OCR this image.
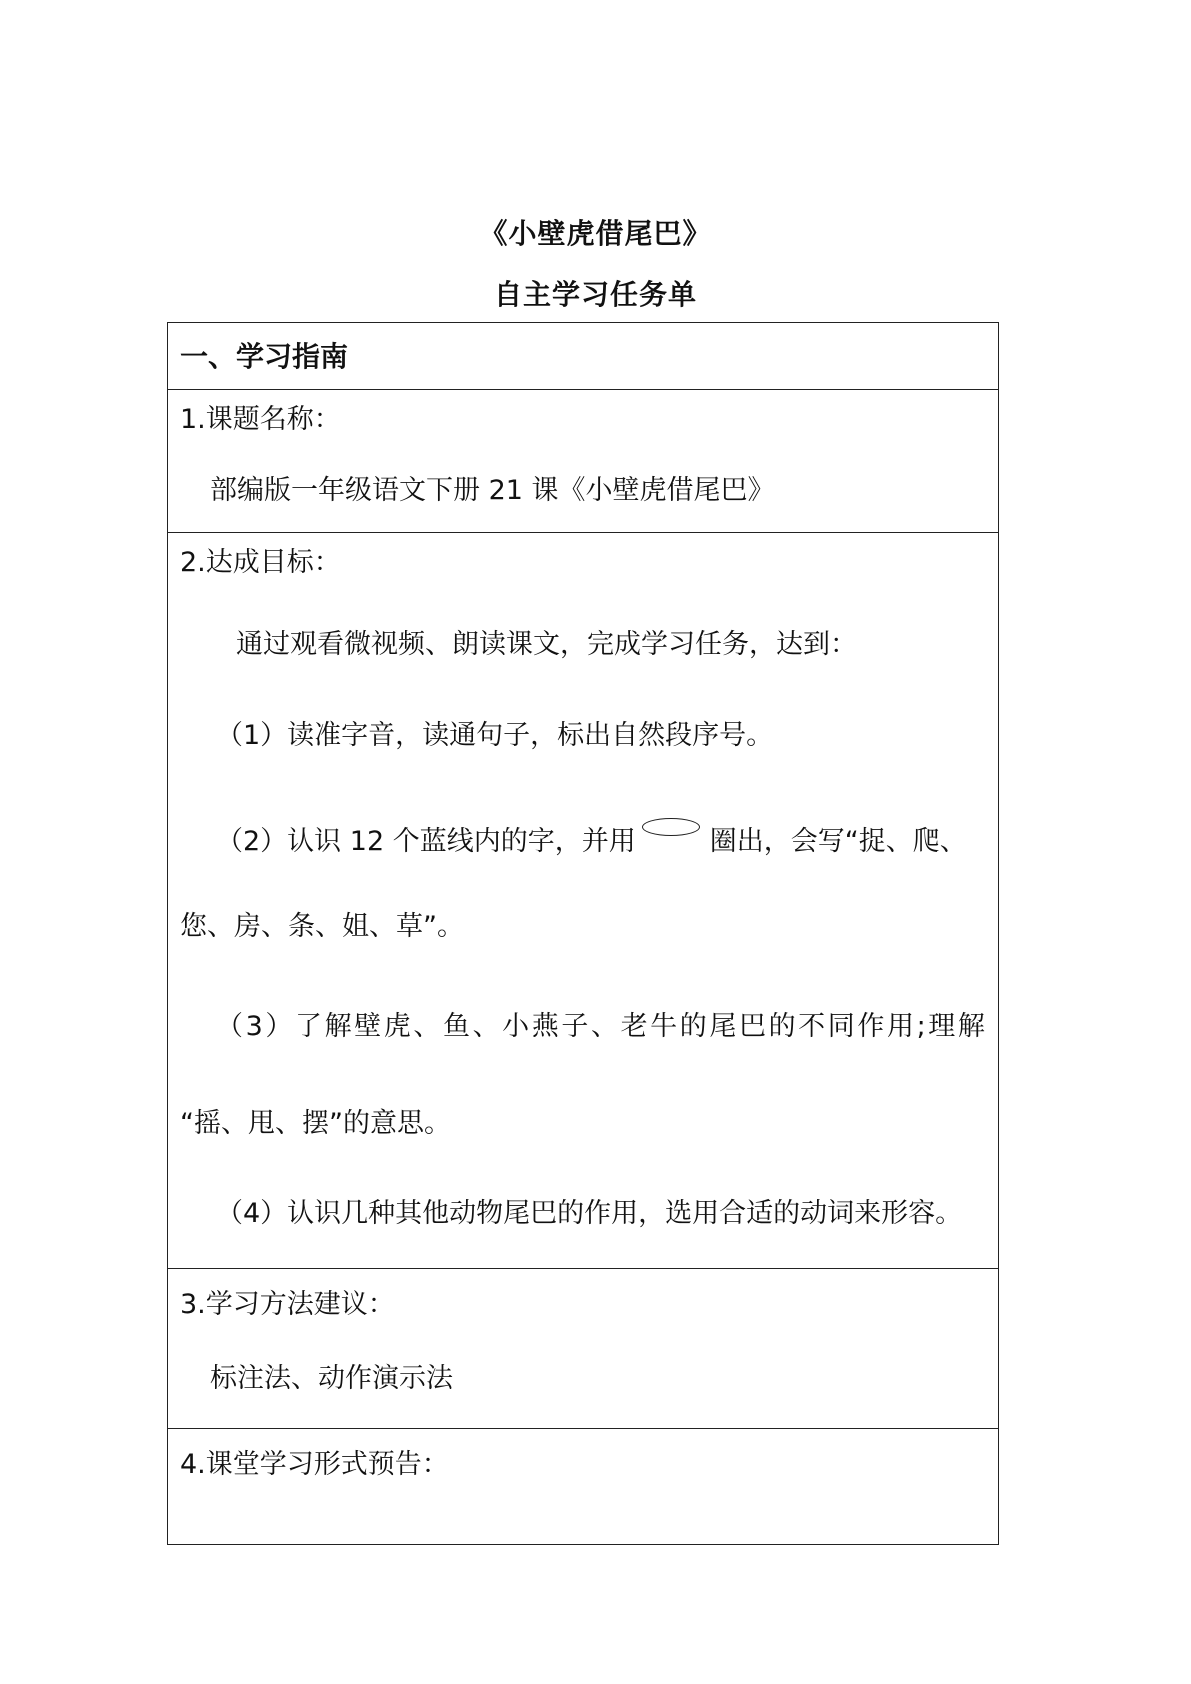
《小壁虎借尾巴》
自主学习任务单
一、学习指南
1.课题名称：
部编版一年级语文下册 21 课《小壁虎借尾巴》
2.达成目标：
通过观看微视频、朗读课文，完成学习任务，达到：
（1）读准字音，读通句子，标出自然段序号。
（2）认识 12 个蓝线内的字，并用 ○ 圈出，会写“捉、爬、
您、房、条、姐、草”。
（3）了解壁虎、鱼、小燕子、老牛的尾巴的不同作用;理解
“摇、甩、摆”的意思。
（4）认识几种其他动物尾巴的作用，选用合适的动词来形容。
3.学习方法建议：
标注法、动作演示法
4.课堂学习形式预告：
